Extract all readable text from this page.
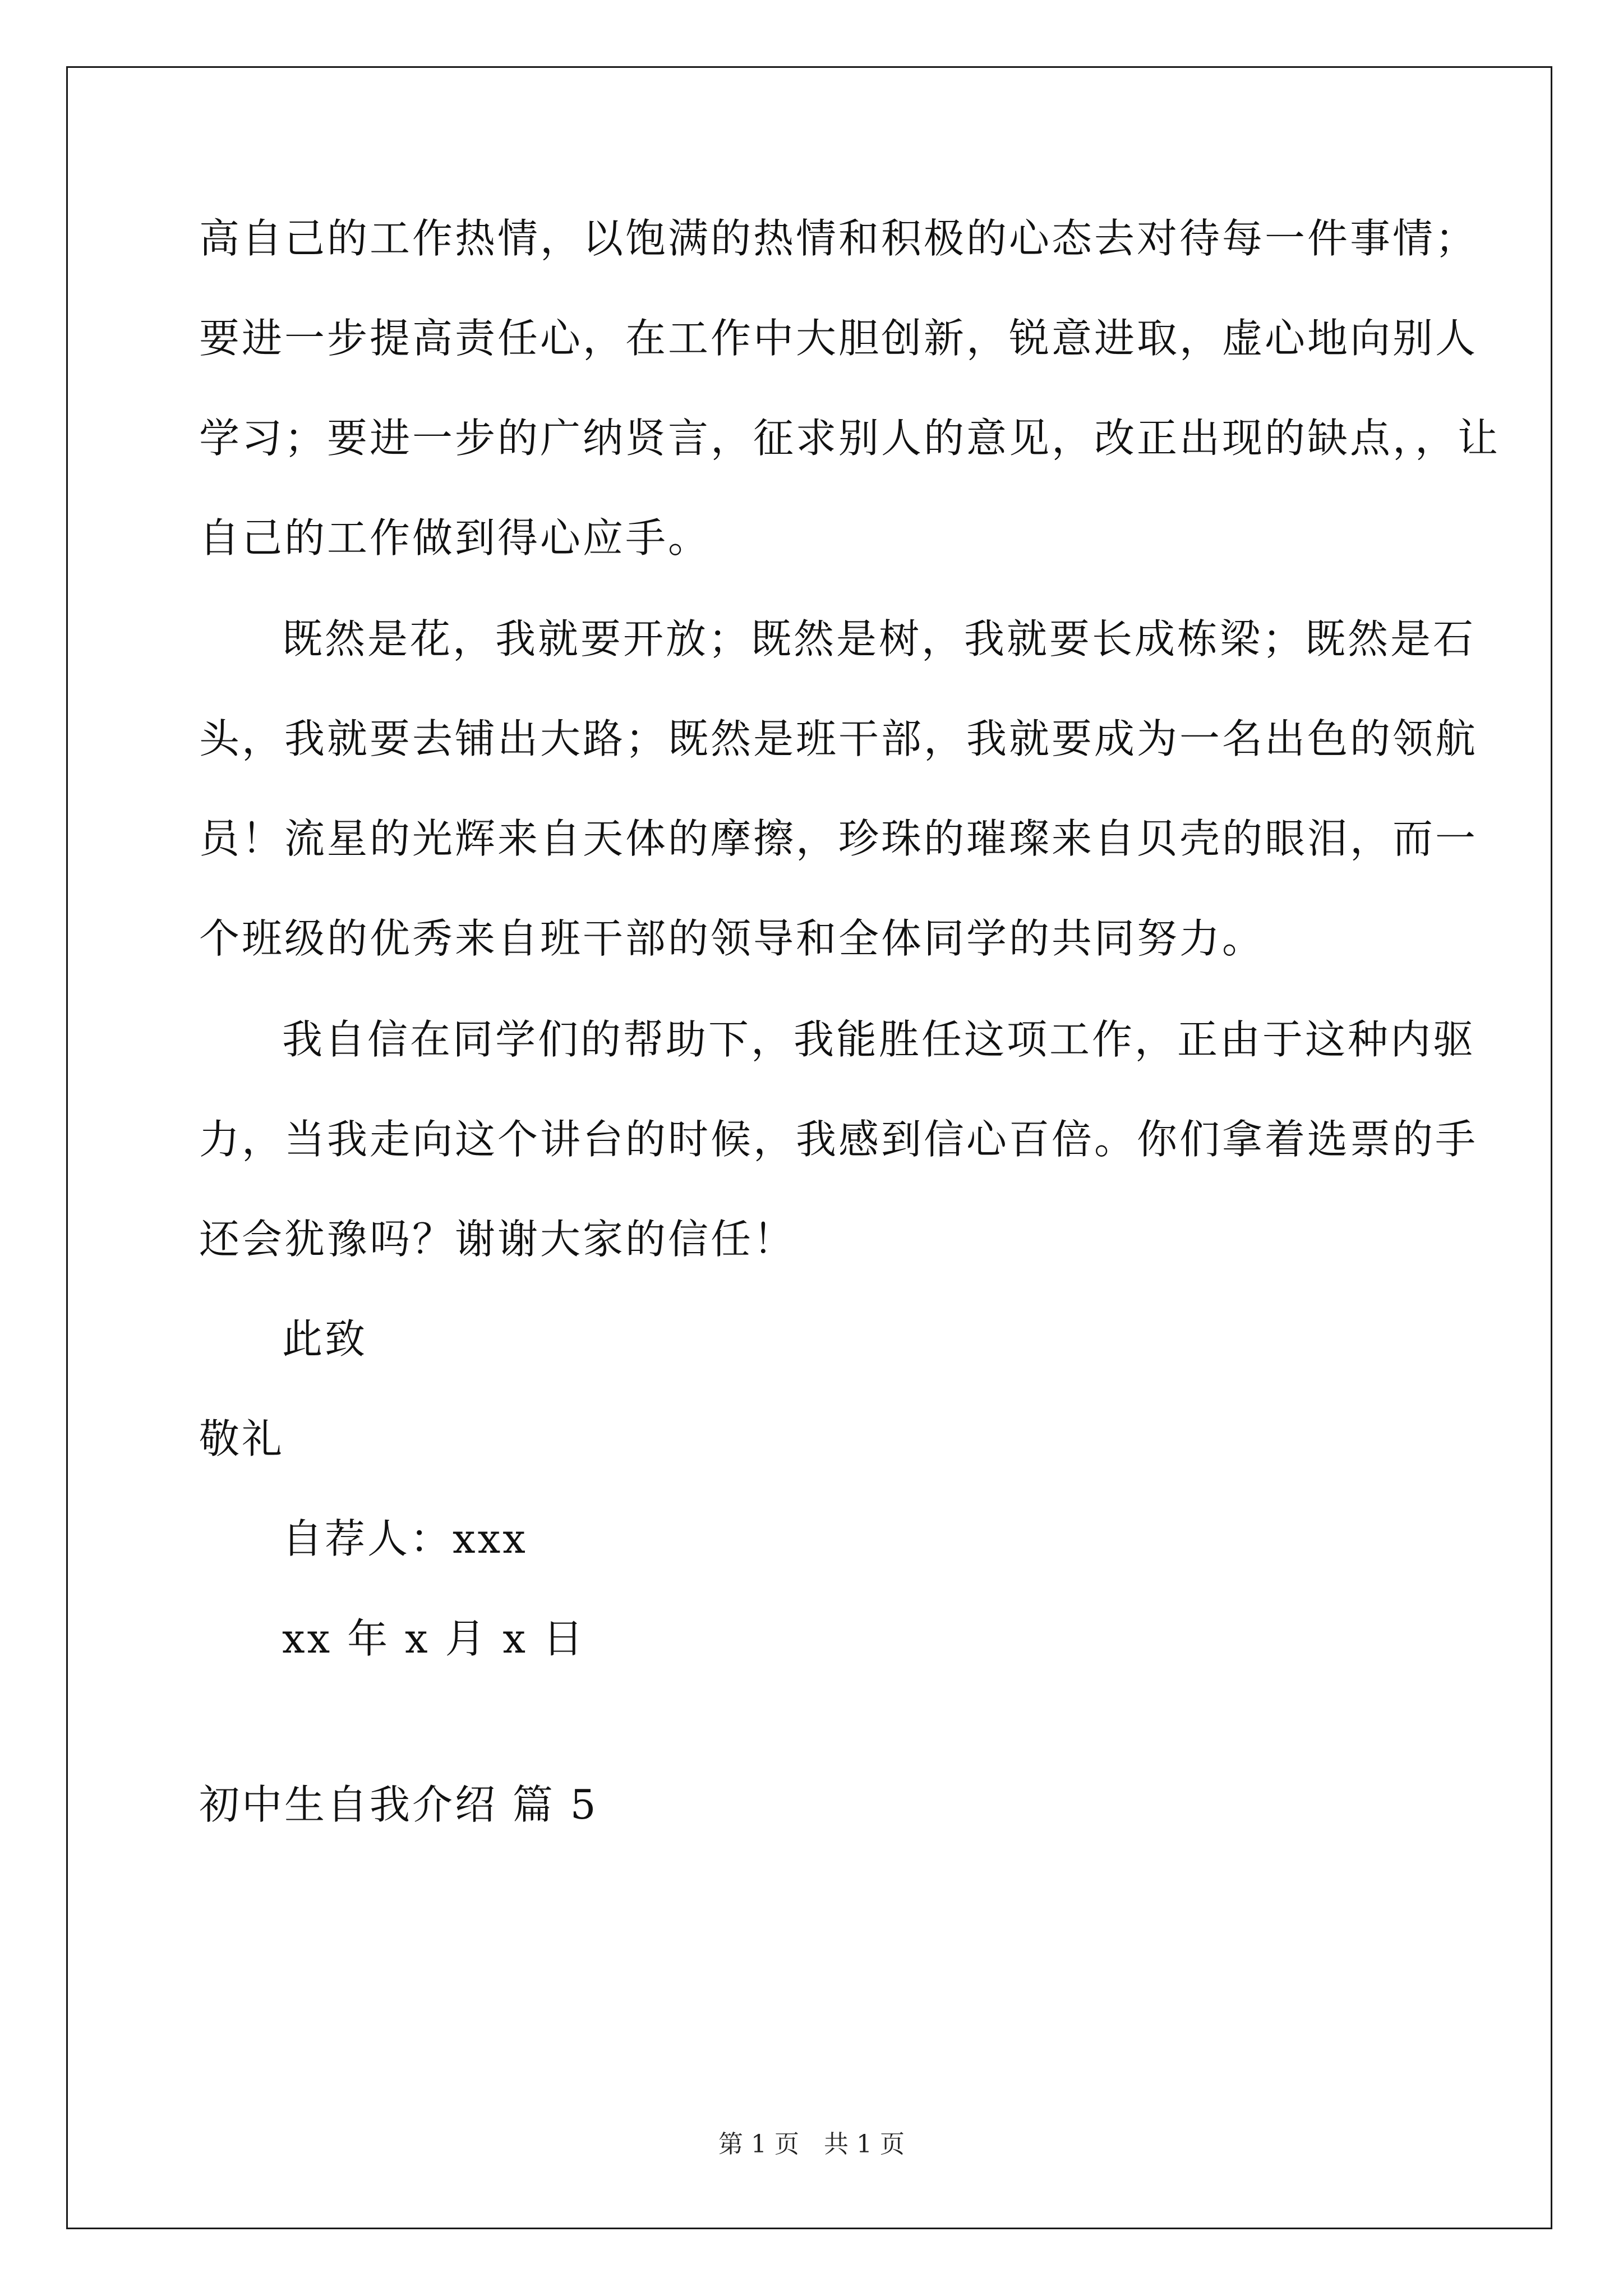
高自己的工作热情，以饱满的热情和积极的心态去对待每一件事情；
要进一步提高责任心，在工作中大胆创新，锐意进取，虚心地向别人
学习；要进一步的广纳贤言，征求别人的意见，改正出现的缺点，，让
自己的工作做到得心应手。
既然是花，我就要开放；既然是树，我就要长成栋梁；既然是石
头，我就要去铺出大路；既然是班干部，我就要成为一名出色的领航
员！流星的光辉来自天体的摩擦，珍珠的璀璨来自贝壳的眼泪，而一
个班级的优秀来自班干部的领导和全体同学的共同努力。
我自信在同学们的帮助下，我能胜任这项工作，正由于这种内驱
力，当我走向这个讲台的时候，我感到信心百倍。你们拿着选票的手
还会犹豫吗？谢谢大家的信任！
此致
敬礼
自荐人：xxx
xx 年 x 月 x 日
初中生自我介绍 篇 5
第 1 页　共 1 页
